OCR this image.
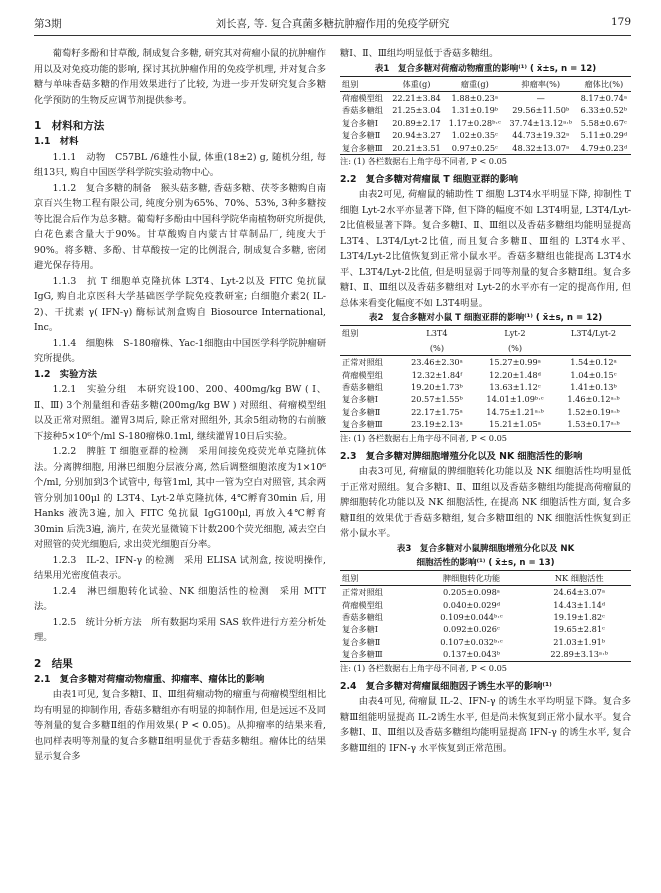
第3期	刘长喜, 等. 复合真菌多糖抗肿瘤作用的免疫学研究	179

葡萄籽多酚和甘草酸, 制成复合多糖, 研究其对荷瘤小鼠的抗肿瘤作用以及对免疫功能的影响, 探讨其抗肿瘤作用的免疫学机理, 并对复合多糖与单味香菇多糖的作用效果进行了比较, 为进一步开发研究复合多糖化学预防的生物反应调节剂提供参考。

1　材料和方法

1.1　材料

1.1.1　动物　C57BL /6雄性小鼠, 体重(18±2) g, 随机分组, 每组13只, 购自中国医学科学院实验动物中心。

1.1.2　复合多糖的制备　猴头菇多糖, 香菇多糖、茯苓多糖购自南京百兴生物工程有限公司, 纯度分别为65%、70%、53%, 3种多糖按等比混合后作为总多糖。葡萄籽多酚由中国科学院华南植物研究所提供, 白花色素含量大于90%。甘草酸购自内蒙古甘草制品厂, 纯度大于90%。将多糖、多酚、甘草酸按一定的比例混合, 制成复合多糖, 密闭避光保存待用。

1.1.3　抗 T 细胞单克隆抗体 L3T4、Lyt-2以及 FITC 兔抗鼠 IgG, 购自北京医科大学基础医学学院免疫教研室; 白细胞介素2( IL-2)、干扰素 γ( IFN-γ) 酶标试剂盒购自 Biosource International, Inc。

1.1.4　细胞株　S-180瘤株、Yac-1细胞由中国医学科学院肿瘤研究所提供。

1.2　实验方法

1.2.1　实验分组　本研究设100、200、400mg/kg BW ( Ⅰ、Ⅱ、Ⅲ) 3个剂量组和香菇多糖(200mg/kg BW ) 对照组、荷瘤模型组以及正常对照组。灌胃3周后, 除正常对照组外, 其余5组动物的右前腋下接种5×10⁶个/ml S-180瘤株0.1ml, 继续灌胃10日后实验。

1.2.2　脾脏 T 细胞亚群的检测　采用间接免疫荧光单克隆抗体法。分离脾细胞, 用淋巴细胞分层液分离, 然后调整细胞浓度为1×10⁶个/ml, 分别加到3个试管中, 每管1ml, 其中一管为空白对照管, 其余两管分别加100μl 的 L3T4、Lyt-2单克隆抗体, 4℃孵育30min 后, 用 Hanks 液洗3遍, 加入 FITC 兔抗鼠 IgG100μl, 再放入4℃孵育30min 后洗3遍, 滴片, 在荧光显微镜下计数200个荧光细胞, 减去空白对照管的荧光细胞后, 求出荧光细胞百分率。

1.2.3　IL-2、IFN-γ 的检测　采用 ELISA 试剂盒, 按说明操作, 结果用光密度值表示。

1.2.4　淋巴细胞转化试验、NK 细胞活性的检测　采用 MTT 法。

1.2.5　统计分析方法　所有数据均采用 SAS 软件进行方差分析处理。

2　结果

2.1　复合多糖对荷瘤动物瘤重、抑瘤率、瘤体比的影响

由表1可见, 复合多糖Ⅰ、Ⅱ、Ⅲ组荷瘤动物的瘤重与荷瘤模型组相比均有明显的抑制作用, 香菇多糖组亦有明显的抑制作用, 但是远远不及同等剂量的复合多糖Ⅱ组的作用效果( P < 0.05)。从抑瘤率的结果来看, 也同样表明等剂量的复合多糖Ⅱ组明显优于香菇多糖组。瘤体比的结果显示复合多

糖Ⅰ、Ⅱ、Ⅲ组均明显低于香菇多糖组。

表1　复合多糖对荷瘤动物瘤重的影响⁽¹⁾ ( x̄±s, n = 12)

组别	体重(g)	瘤重(g)	抑瘤率(%)	瘤体比(%)
荷瘤模型组	22.21±3.84	1.88±0.23ᵃ	—	8.17±0.74ᵃ
香菇多糖组	21.25±3.04	1.31±0.19ᵇ	29.56±11.50ᵇ	6.33±0.52ᵇ
复合多糖Ⅰ	20.89±2.17	1.17±0.28ᵇ·ᶜ	37.74±13.12ᵃ·ᵇ	5.58±0.67ᶜ
复合多糖Ⅱ	20.94±3.27	1.02±0.35ᶜ	44.73±19.32ᵃ	5.11±0.29ᵈ
复合多糖Ⅲ	20.21±3.51	0.97±0.25ᶜ	48.32±13.07ᵃ	4.79±0.23ᵈ

注: (1) 各栏数据右上角字母不同者, P < 0.05

2.2　复合多糖对荷瘤鼠 T 细胞亚群的影响

由表2可见, 荷瘤鼠的辅助性 T 细胞 L3T4水平明显下降, 抑制性 T 细胞 Lyt-2水平亦显著下降, 但下降的幅度不如 L3T4明显, L3T4/Lyt-2比值极显著下降。复合多糖Ⅰ、Ⅱ、Ⅲ组以及香菇多糖组均能明显提高 L3T4、L3T4/Lyt-2比值, 而且复合多糖Ⅱ、Ⅲ组的 L3T4水平、L3T4/Lyt-2比值恢复到正常小鼠水平。香菇多糖组也能提高 L3T4水平、L3T4/Lyt-2比值, 但是明显弱于同等剂量的复合多糖Ⅱ组。复合多糖Ⅰ、Ⅱ、Ⅲ组以及香菇多糖组对 Lyt-2的水平亦有一定的提高作用, 但总体来看变化幅度不如 L3T4明显。

表2　复合多糖对小鼠 T 细胞亚群的影响⁽¹⁾ ( x̄±s, n = 12)

组别	L3T4	Lyt-2	L3T4/Lyt-2
	(%)	(%)	
正常对照组	23.46±2.30ᵃ	15.27±0.99ᵃ	1.54±0.12ᵃ
荷瘤模型组	12.32±1.84ᶠ	12.20±1.48ᵈ	1.04±0.15ᶜ
香菇多糖组	19.20±1.73ᵇ	13.63±1.12ᶜ	1.41±0.13ᵇ
复合多糖Ⅰ	20.57±1.55ᵇ	14.01±1.09ᵇ·ᶜ	1.46±0.12ᵃ·ᵇ
复合多糖Ⅱ	22.17±1.75ᵃ	14.75±1.21ᵃ·ᵇ	1.52±0.19ᵃ·ᵇ
复合多糖Ⅲ	23.19±2.13ᵃ	15.21±1.05ᵃ	1.53±0.17ᵃ·ᵇ

注: (1) 各栏数据右上角字母不同者, P < 0.05

2.3　复合多糖对脾细胞增殖分化以及 NK 细胞活性的影响

由表3可见, 荷瘤鼠的脾细胞转化功能以及 NK 细胞活性均明显低于正常对照组。复合多糖Ⅰ、Ⅱ、Ⅲ组以及香菇多糖组均能提高荷瘤鼠的脾细胞转化功能以及 NK 细胞活性, 在提高 NK 细胞活性方面, 复合多糖Ⅱ组的效果优于香菇多糖组, 复合多糖Ⅲ组的 NK 细胞活性恢复到正常小鼠水平。

表3　复合多糖对小鼠脾细胞增殖分化以及 NK

细胞活性的影响⁽¹⁾ ( x̄±s, n = 13)

组别	脾细胞转化功能	NK 细胞活性
正常对照组	0.205±0.098ᵃ	24.64±3.07ᵃ
荷瘤模型组	0.040±0.029ᵈ	14.43±1.14ᵈ
香菇多糖组	0.109±0.044ᵇ·ᶜ	19.19±1.82ᶜ
复合多糖Ⅰ	0.092±0.026ᶜ	19.65±2.81ᶜ
复合多糖Ⅱ	0.107±0.032ᵇ·ᶜ	21.03±1.91ᵇ
复合多糖Ⅲ	0.137±0.043ᵇ	22.89±3.13ᵃ·ᵇ

注: (1) 各栏数据右上角字母不同者, P < 0.05

2.4　复合多糖对荷瘤鼠细胞因子诱生水平的影响⁽¹⁾

由表4可见, 荷瘤鼠 IL-2、IFN-γ 的诱生水平均明显下降。复合多糖Ⅲ组能明显提高 IL-2诱生水平, 但是尚未恢复到正常小鼠水平。复合多糖Ⅰ、Ⅱ、Ⅲ组以及香菇多糖组均能明显提高 IFN-γ 的诱生水平, 复合多糖Ⅲ组的 IFN-γ 水平恢复到正常范围。
